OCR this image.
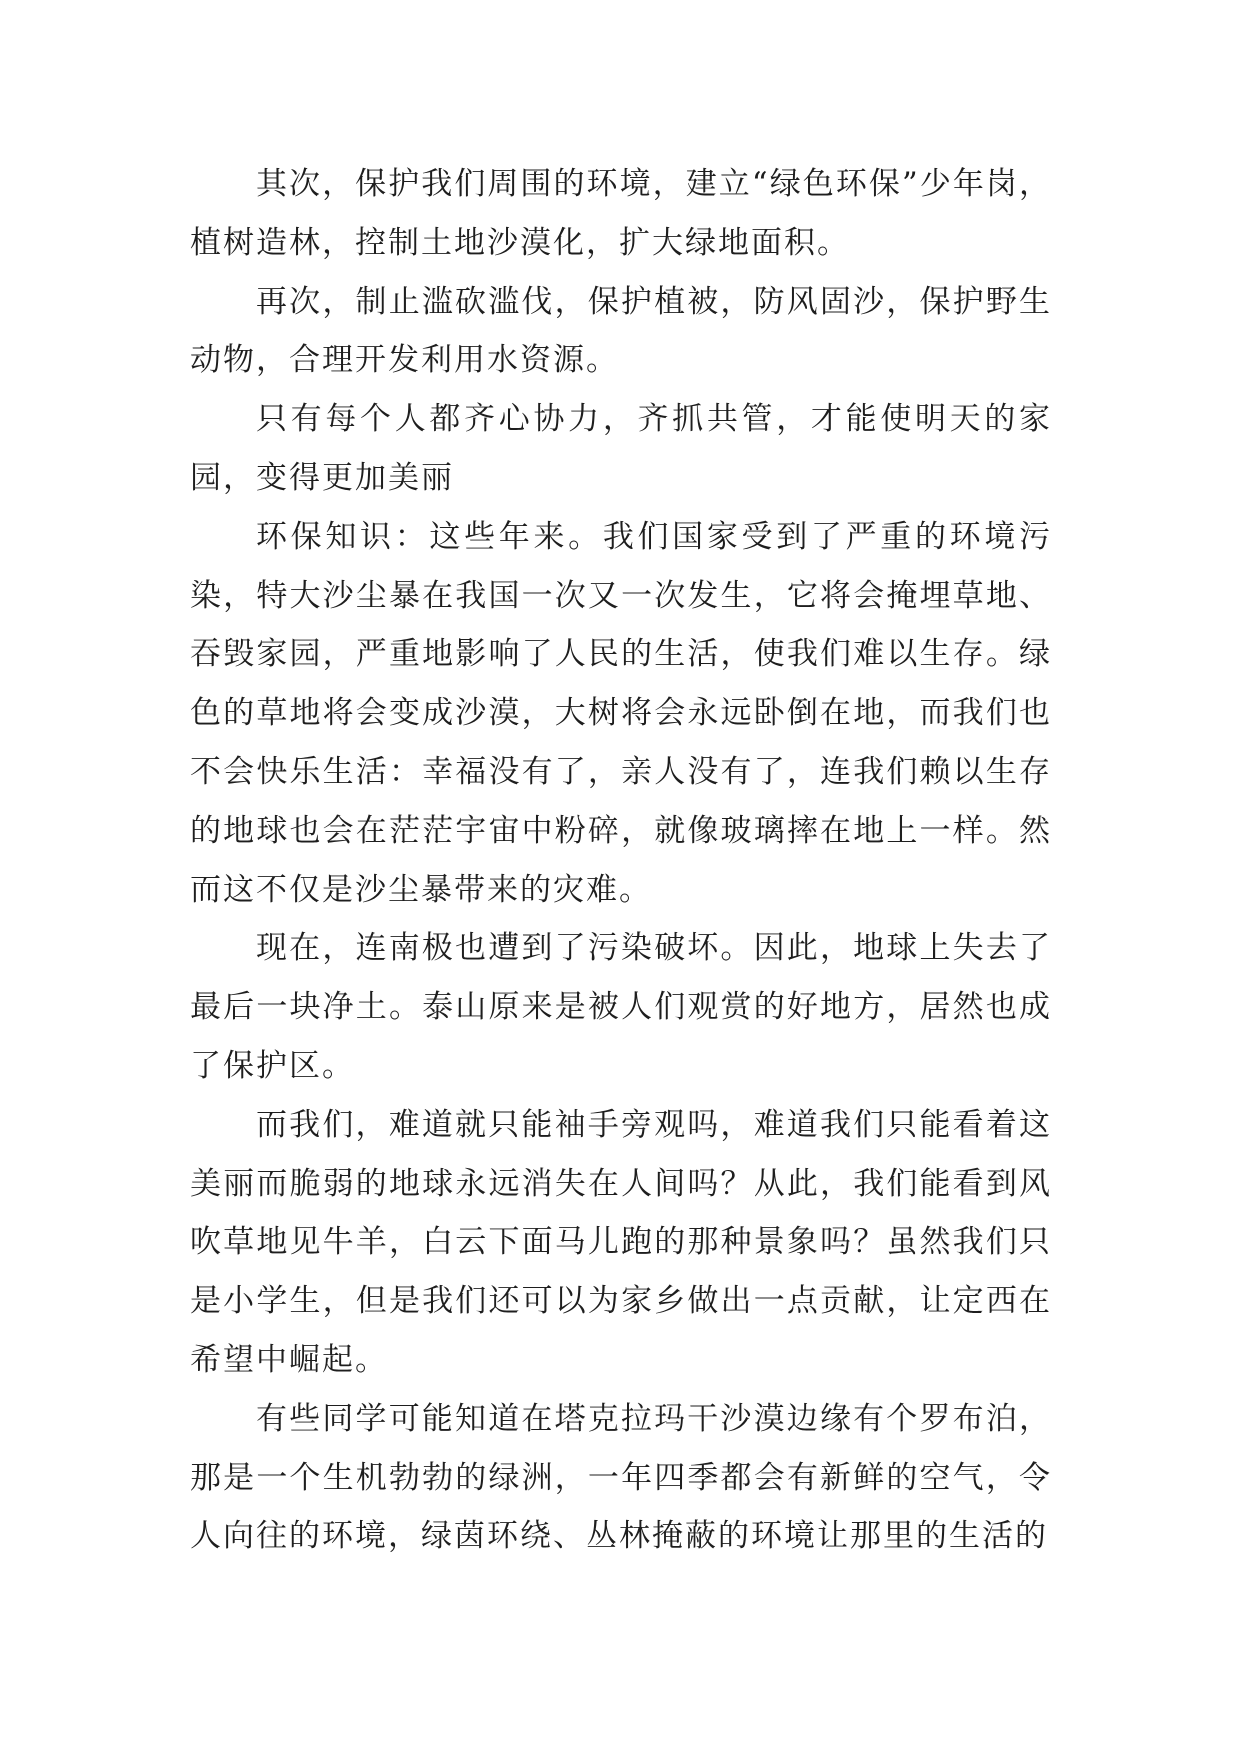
其次，保护我们周围的环境，建立“绿色环保”少年岗，植树造林，控制土地沙漠化，扩大绿地面积。

再次，制止滥砍滥伐，保护植被，防风固沙，保护野生动物，合理开发利用水资源。

只有每个人都齐心协力，齐抓共管，才能使明天的家园，变得更加美丽

环保知识：这些年来。我们国家受到了严重的环境污染，特大沙尘暴在我国一次又一次发生，它将会掩埋草地、吞毁家园，严重地影响了人民的生活，使我们难以生存。绿色的草地将会变成沙漠，大树将会永远卧倒在地，而我们也不会快乐生活：幸福没有了，亲人没有了，连我们赖以生存的地球也会在茫茫宇宙中粉碎，就像玻璃摔在地上一样。然而这不仅是沙尘暴带来的灾难。

现在，连南极也遭到了污染破坏。因此，地球上失去了最后一块净土。泰山原来是被人们观赏的好地方，居然也成了保护区。

而我们，难道就只能袖手旁观吗，难道我们只能看着这美丽而脆弱的地球永远消失在人间吗？从此，我们能看到风吹草地见牛羊，白云下面马儿跑的那种景象吗？虽然我们只是小学生，但是我们还可以为家乡做出一点贡献，让定西在希望中崛起。

有些同学可能知道在塔克拉玛干沙漠边缘有个罗布泊，那是一个生机勃勃的绿洲，一年四季都会有新鲜的空气，令人向往的环境，绿茵环绕、丛林掩蔽的环境让那里的生活的
